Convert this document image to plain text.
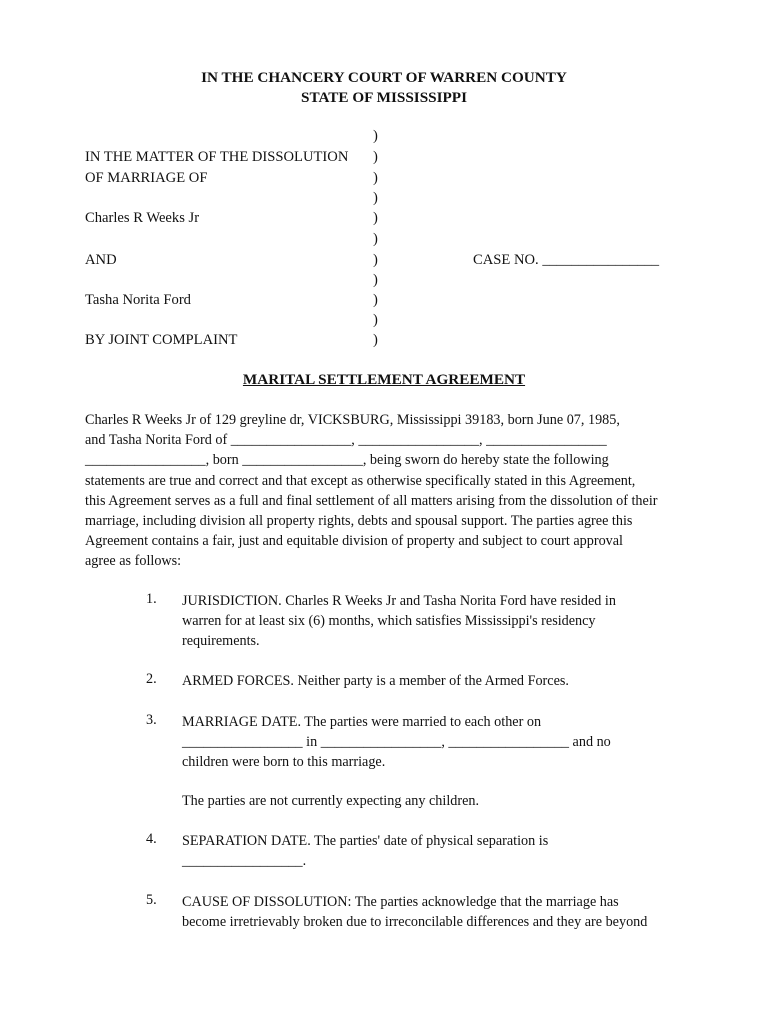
IN THE CHANCERY COURT OF WARREN COUNTY
STATE OF MISSISSIPPI
IN THE MATTER OF THE DISSOLUTION
OF MARRIAGE OF
Charles R Weeks Jr
AND
Tasha Norita Ford
BY JOINT COMPLAINT
)
)
)
)
)
)
)
)
)
)
)
CASE NO. ________________
MARITAL SETTLEMENT AGREEMENT
Charles R Weeks Jr of 129 greyline dr, VICKSBURG, Mississippi 39183, born June 07, 1985,
and Tasha Norita Ford of _________________, _________________, _________________
_________________, born _________________, being sworn do hereby state the following
statements are true and correct and that except as otherwise specifically stated in this Agreement,
this Agreement serves as a full and final settlement of all matters arising from the dissolution of their
marriage, including division all property rights, debts and spousal support. The parties agree this
Agreement contains a fair, just and equitable division of property and subject to court approval
agree as follows:
1. JURISDICTION. Charles R Weeks Jr and Tasha Norita Ford have resided in
warren for at least six (6) months, which satisfies Mississippi's residency
requirements.
2. ARMED FORCES. Neither party is a member of the Armed Forces.
3. MARRIAGE DATE. The parties were married to each other on
_________________ in _________________, _________________ and no
children were born to this marriage.
The parties are not currently expecting any children.
4. SEPARATION DATE. The parties' date of physical separation is
_________________.
5. CAUSE OF DISSOLUTION: The parties acknowledge that the marriage has
become irretrievably broken due to irreconcilable differences and they are beyond
